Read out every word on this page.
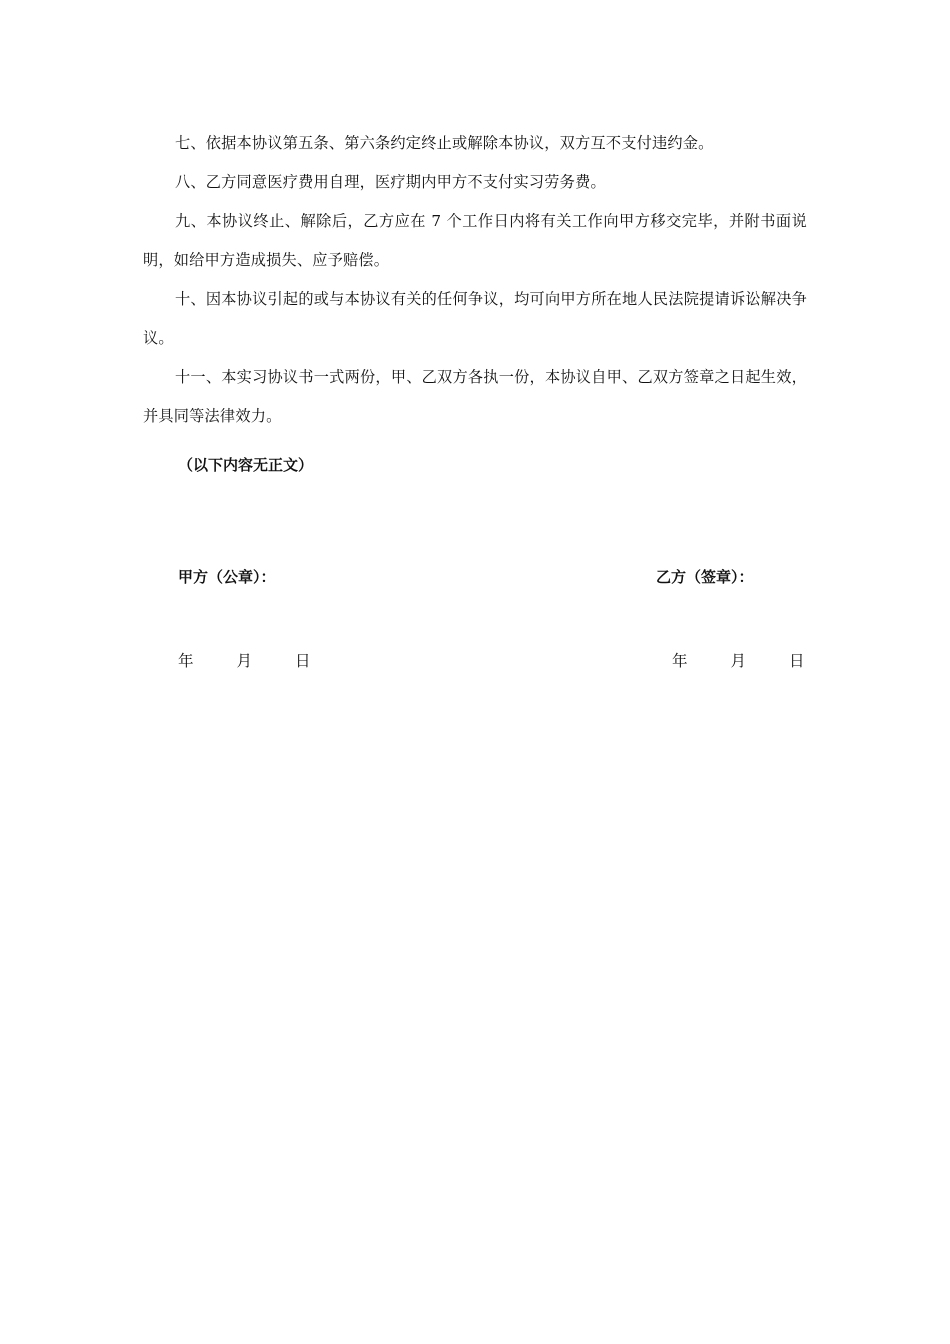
七、依据本协议第五条、第六条约定终止或解除本协议，双方互不支付违约金。

八、乙方同意医疗费用自理，医疗期内甲方不支付实习劳务费。

九、本协议终止、解除后，乙方应在 7 个工作日内将有关工作向甲方移交完毕，并附书面说明，如给甲方造成损失、应予赔偿。

十、因本协议引起的或与本协议有关的任何争议，均可向甲方所在地人民法院提请诉讼解决争议。

十一、本实习协议书一式两份，甲、乙双方各执一份，本协议自甲、乙双方签章之日起生效，并具同等法律效力。

（以下内容无正文）
甲方（公章）：	乙方（签章）：
年	月	日	年	月	日
